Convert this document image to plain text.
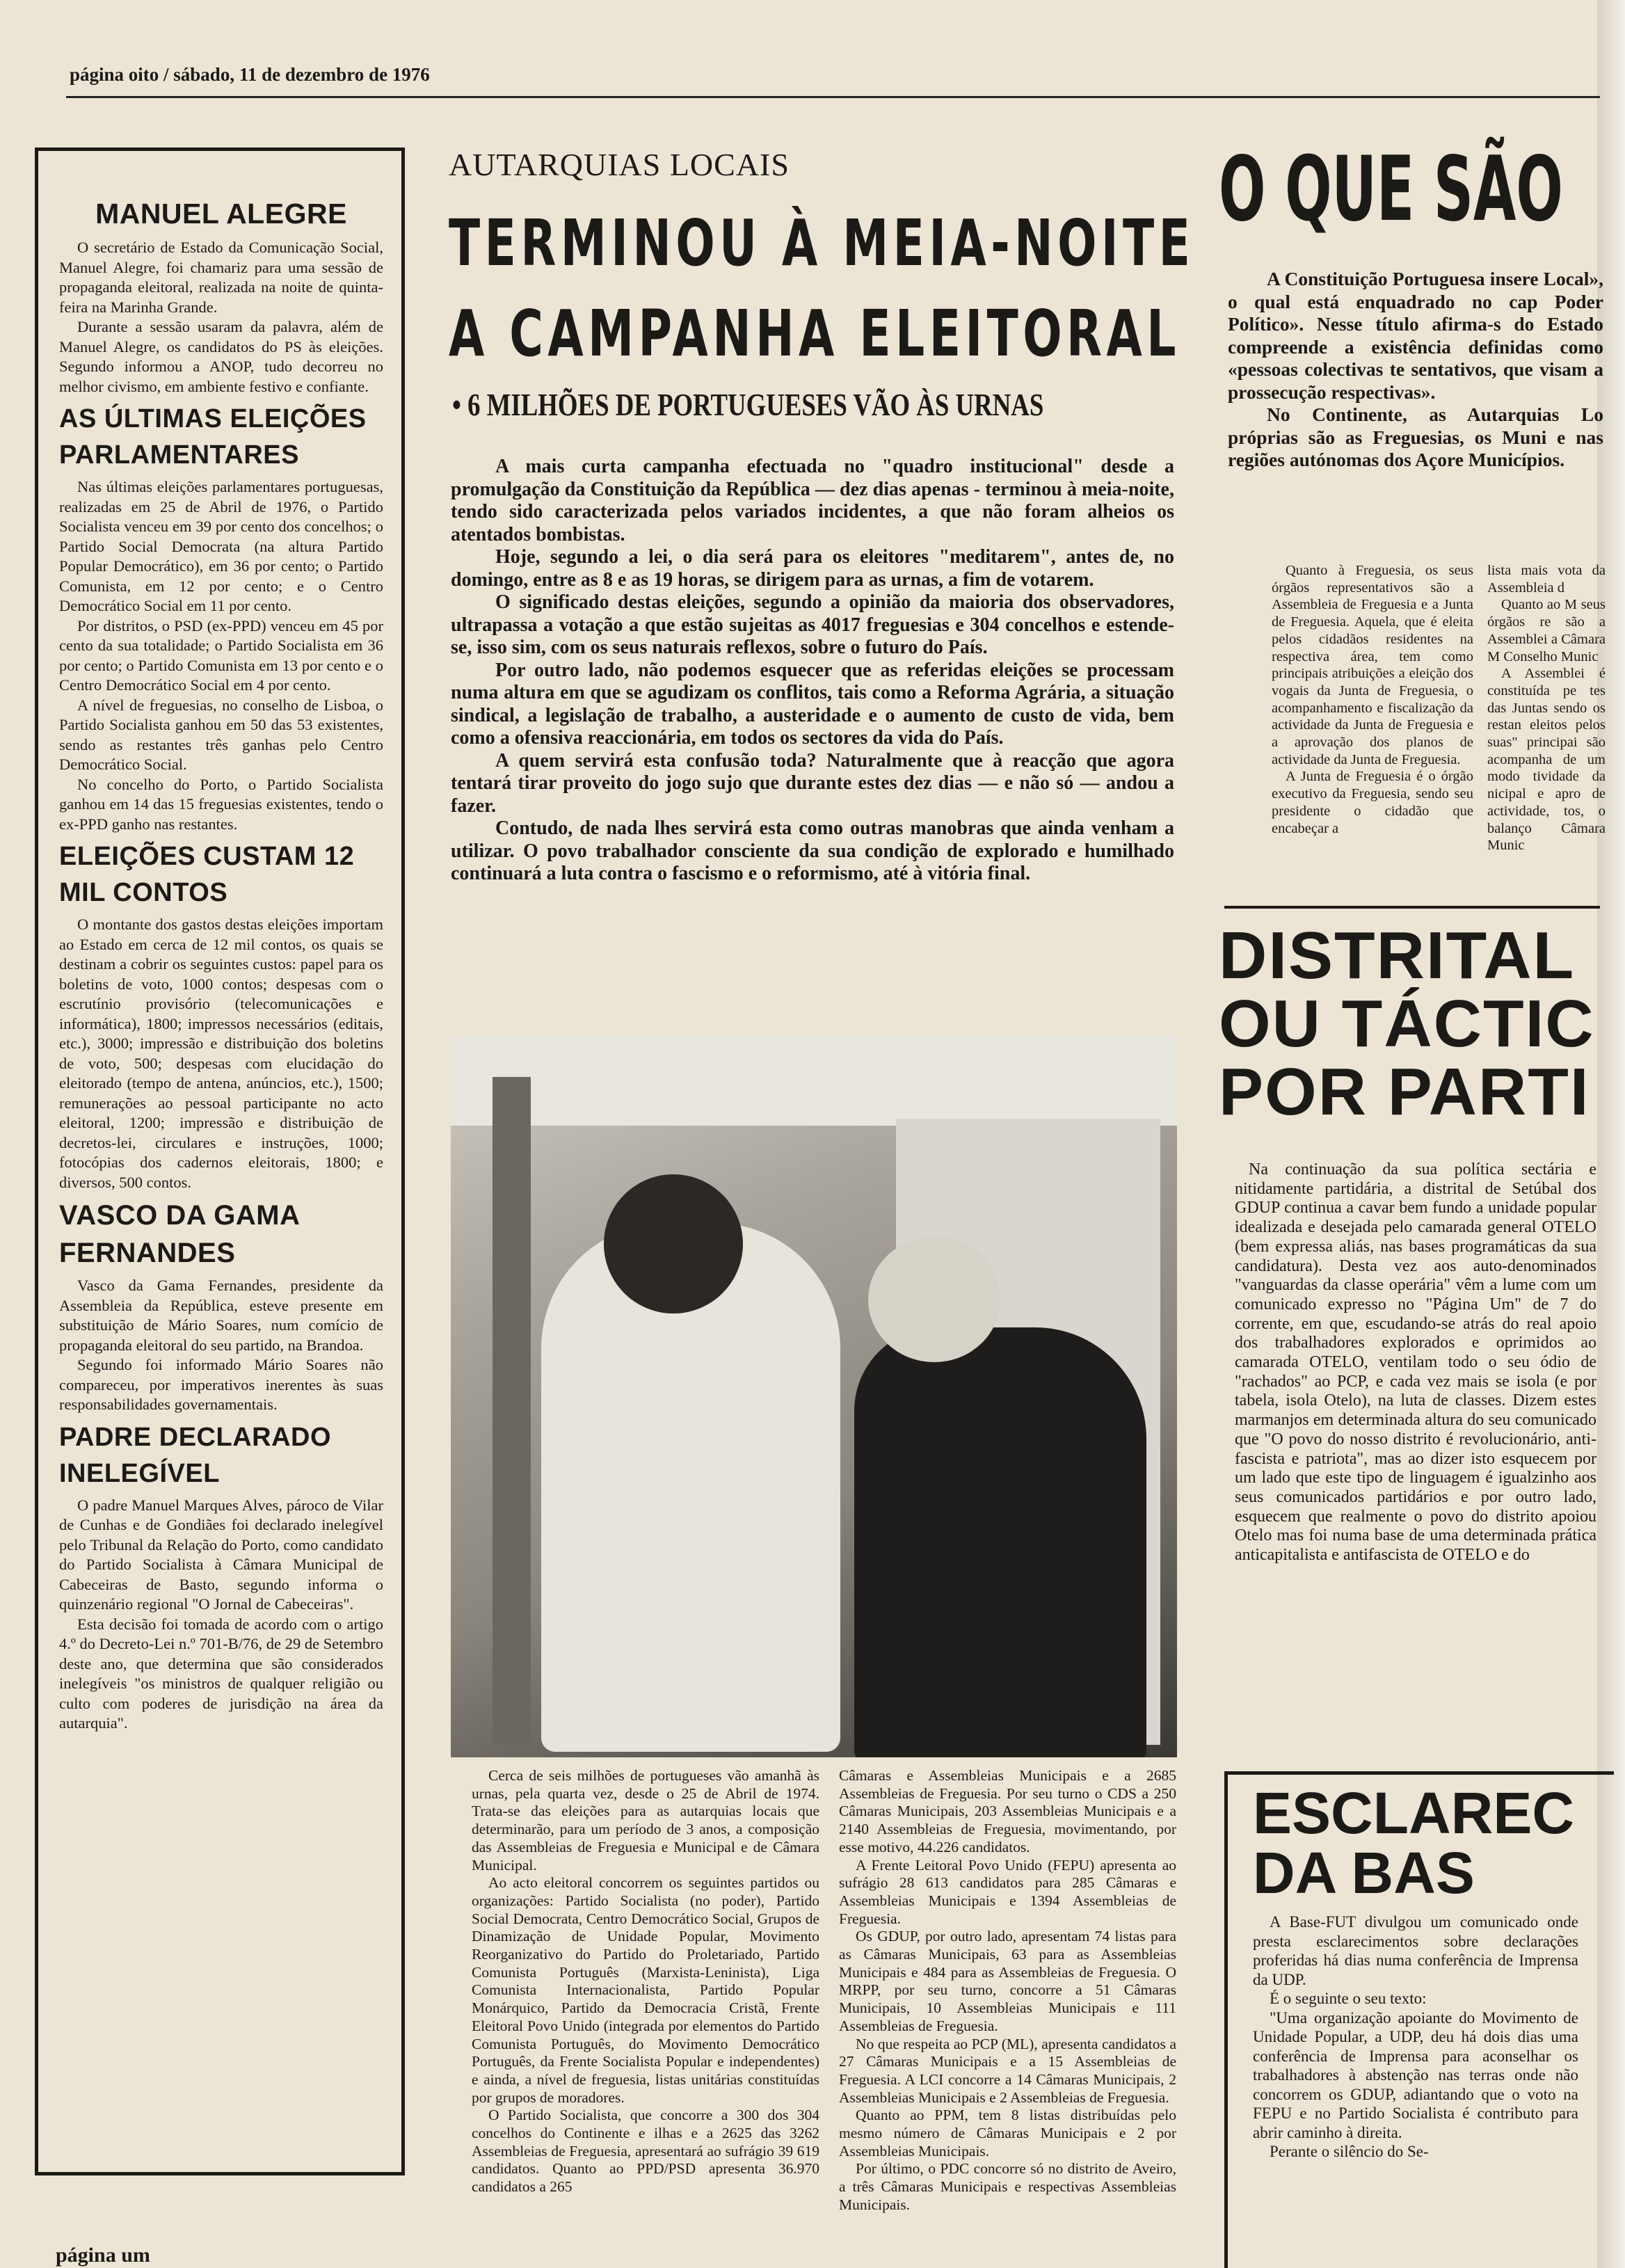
página oito / sábado, 11 de dezembro de 1976
MANUEL ALEGRE

O secretário de Estado da Comunicação Social, Manuel Alegre, foi chamariz para uma sessão de propaganda eleitoral, realizada na noite de quinta-feira na Marinha Grande.

Durante a sessão usaram da palavra, além de Manuel Alegre, os candidatos do PS às eleições. Segundo informou a ANOP, tudo decorreu no melhor civismo, em ambiente festivo e confiante.

AS ÚLTIMAS ELEIÇÕES PARLAMENTARES

Nas últimas eleições parlamentares portuguesas, realizadas em 25 de Abril de 1976, o Partido Socialista venceu em 39 por cento dos concelhos; o Partido Social Democrata (na altura Partido Popular Democrático), em 36 por cento; o Partido Comunista, em 12 por cento; e o Centro Democrático Social em 11 por cento.

Por distritos, o PSD (ex-PPD) venceu em 45 por cento da sua totalidade; o Partido Socialista em 36 por cento; o Partido Comunista em 13 por cento e o Centro Democrático Social em 4 por cento.

A nível de freguesias, no conselho de Lisboa, o Partido Socialista ganhou em 50 das 53 existentes, sendo as restantes três ganhas pelo Centro Democrático Social.

No concelho do Porto, o Partido Socialista ganhou em 14 das 15 freguesias existentes, tendo o ex-PPD ganho nas restantes.

ELEIÇÕES CUSTAM 12 MIL CONTOS

O montante dos gastos destas eleições importam ao Estado em cerca de 12 mil contos, os quais se destinam a cobrir os seguintes custos: papel para os boletins de voto, 1000 contos; despesas com o escrutínio provisório (telecomunicações e informática), 1800; impressos necessários (editais, etc.), 3000; impressão e distribuição dos boletins de voto, 500; despesas com elucidação do eleitorado (tempo de antena, anúncios, etc.), 1500; remunerações ao pessoal participante no acto eleitoral, 1200; impressão e distribuição de decretos-lei, circulares e instruções, 1000; fotocópias dos cadernos eleitorais, 1800; e diversos, 500 contos.

VASCO DA GAMA FERNANDES

Vasco da Gama Fernandes, presidente da Assembleia da República, esteve presente em substituição de Mário Soares, num comício de propaganda eleitoral do seu partido, na Brandoa.

Segundo foi informado Mário Soares não compareceu, por imperativos inerentes às suas responsabilidades governamentais.

PADRE DECLARADO INELEGÍVEL

O padre Manuel Marques Alves, pároco de Vilar de Cunhas e de Gondiães foi declarado inelegível pelo Tribunal da Relação do Porto, como candidato do Partido Socialista à Câmara Municipal de Cabeceiras de Basto, segundo informa o quinzenário regional "O Jornal de Cabeceiras".

Esta decisão foi tomada de acordo com o artigo 4.º do Decreto-Lei n.º 701-B/76, de 29 de Setembro deste ano, que determina que são considerados inelegíveis "os ministros de qualquer religião ou culto com poderes de jurisdição na área da autarquia".

AUTARQUIAS LOCAIS
TERMINOU À MEIA-NOITE
A CAMPANHA ELEITORAL
• 6 MILHÕES DE PORTUGUESES VÃO ÀS URNAS

A mais curta campanha efectuada no "quadro institucional" desde a promulgação da Constituição da República — dez dias apenas - terminou à meia-noite, tendo sido caracterizada pelos variados incidentes, a que não foram alheios os atentados bombistas.

Hoje, segundo a lei, o dia será para os eleitores "meditarem", antes de, no domingo, entre as 8 e as 19 horas, se dirigem para as urnas, a fim de votarem.

O significado destas eleições, segundo a opinião da maioria dos observadores, ultrapassa a votação a que estão sujeitas as 4017 freguesias e 304 concelhos e estende-se, isso sim, com os seus naturais reflexos, sobre o futuro do País.

Por outro lado, não podemos esquecer que as referidas eleições se processam numa altura em que se agudizam os conflitos, tais como a Reforma Agrária, a situação sindical, a legislação de trabalho, a austeridade e o aumento de custo de vida, bem como a ofensiva reaccionária, em todos os sectores da vida do País.

A quem servirá esta confusão toda? Naturalmente que à reacção que agora tentará tirar proveito do jogo sujo que durante estes dez dias — e não só — andou a fazer.

Contudo, de nada lhes servirá esta como outras manobras que ainda venham a utilizar. O povo trabalhador consciente da sua condição de explorado e humilhado continuará a luta contra o fascismo e o reformismo, até à vitória final.

Cerca de seis milhões de portugueses vão amanhã às urnas, pela quarta vez, desde o 25 de Abril de 1974. Trata-se das eleições para as autarquias locais que determinarão, para um período de 3 anos, a composição das Assembleias de Freguesia e Municipal e de Câmara Municipal.

Ao acto eleitoral concorrem os seguintes partidos ou organizações: Partido Socialista (no poder), Partido Social Democrata, Centro Democrático Social, Grupos de Dinamização de Unidade Popular, Movimento Reorganizativo do Partido do Proletariado, Partido Comunista Português (Marxista-Leninista), Liga Comunista Internacionalista, Partido Popular Monárquico, Partido da Democracia Cristã, Frente Eleitoral Povo Unido (integrada por elementos do Partido Comunista Português, do Movimento Democrático Português, da Frente Socialista Popular e independentes) e ainda, a nível de freguesia, listas unitárias constituídas por grupos de moradores.

O Partido Socialista, que concorre a 300 dos 304 concelhos do Continente e ilhas e a 2625 das 3262 Assembleias de Freguesia, apresentará ao sufrágio 39 619 candidatos. Quanto ao PPD/PSD apresenta 36.970 candidatos a 265

Câmaras e Assembleias Municipais e a 2685 Assembleias de Freguesia. Por seu turno o CDS a 250 Câmaras Municipais, 203 Assembleias Municipais e a 2140 Assembleias de Freguesia, movimentando, por esse motivo, 44.226 candidatos.

A Frente Leitoral Povo Unido (FEPU) apresenta ao sufrágio 28 613 candidatos para 285 Câmaras e Assembleias Municipais e 1394 Assembleias de Freguesia.

Os GDUP, por outro lado, apresentam 74 listas para as Câmaras Municipais, 63 para as Assembleias Municipais e 484 para as Assembleias de Freguesia. O MRPP, por seu turno, concorre a 51 Câmaras Municipais, 10 Assembleias Municipais e 111 Assembleias de Freguesia.

No que respeita ao PCP (ML), apresenta candidatos a 27 Câmaras Municipais e a 15 Assembleias de Freguesia. A LCI concorre a 14 Câmaras Municipais, 2 Assembleias Municipais e 2 Assembleias de Freguesia.

Quanto ao PPM, tem 8 listas distribuídas pelo mesmo número de Câmaras Municipais e 2 por Assembleias Municipais.

Por último, o PDC concorre só no distrito de Aveiro, a três Câmaras Municipais e respectivas Assembleias Municipais.

O QUE SÃO

A Constituição Portuguesa insere Local», o qual está enquadrado no cap Poder Político». Nesse título afirma-s do Estado compreende a existência definidas como «pessoas colectivas te sentativos, que visam a prossecução respectivas».

No Continente, as Autarquias Lo próprias são as Freguesias, os Muni e nas regiões autónomas dos Açore Municípios.

Quanto à Freguesia, os seus órgãos representativos são a Assembleia de Freguesia e a Junta de Freguesia. Aquela, que é eleita pelos cidadãos residentes na respectiva área, tem como principais atribuições a eleição dos vogais da Junta de Freguesia, o acompanhamento e fiscalização da actividade da Junta de Freguesia e a aprovação dos planos de actividade da Junta de Freguesia.

A Junta de Freguesia é o órgão executivo da Freguesia, sendo seu presidente o cidadão que encabeçar a

lista mais vota da Assembleia d

Quanto ao M seus órgãos re são a Assemblei a Câmara M Conselho Munic

A Assemblei é constituída pe tes das Juntas sendo os restan eleitos pelos suas" principai são acompanha de um modo tividade da nicipal e apro de actividade, tos, o balanço Câmara Munic

DISTRITAL
OU TÁCTIC
POR PARTI

Na continuação da sua política sectária e nitidamente partidária, a distrital de Setúbal dos GDUP continua a cavar bem fundo a unidade popular idealizada e desejada pelo camarada general OTELO (bem expressa aliás, nas bases programáticas da sua candidatura). Desta vez aos auto-denominados "vanguardas da classe operária" vêm a lume com um comunicado expresso no "Página Um" de 7 do corrente, em que, escudando-se atrás do real apoio dos trabalhadores explorados e oprimidos ao camarada OTELO, ventilam todo o seu ódio de "rachados" ao PCP, e cada vez mais se isola (e por tabela, isola Otelo), na luta de classes. Dizem estes marmanjos em determinada altura do seu comunicado que "O povo do nosso distrito é revolucionário, anti-fascista e patriota", mas ao dizer isto esquecem por um lado que este tipo de linguagem é igualzinho aos seus comunicados partidários e por outro lado, esquecem que realmente o povo do distrito apoiou Otelo mas foi numa base de uma determinada prática anticapitalista e antifascista de OTELO e do

ESCLAREC
DA BAS

A Base-FUT divulgou um comunicado onde presta esclarecimentos sobre declarações proferidas há dias numa conferência de Imprensa da UDP.

É o seguinte o seu texto:

"Uma organização apoiante do Movimento de Unidade Popular, a UDP, deu há dois dias uma conferência de Imprensa para aconselhar os trabalhadores à abstenção nas terras onde não concorrem os GDUP, adiantando que o voto na FEPU e no Partido Socialista é contributo para abrir caminho à direita.

Perante o silêncio do Se-

página um
